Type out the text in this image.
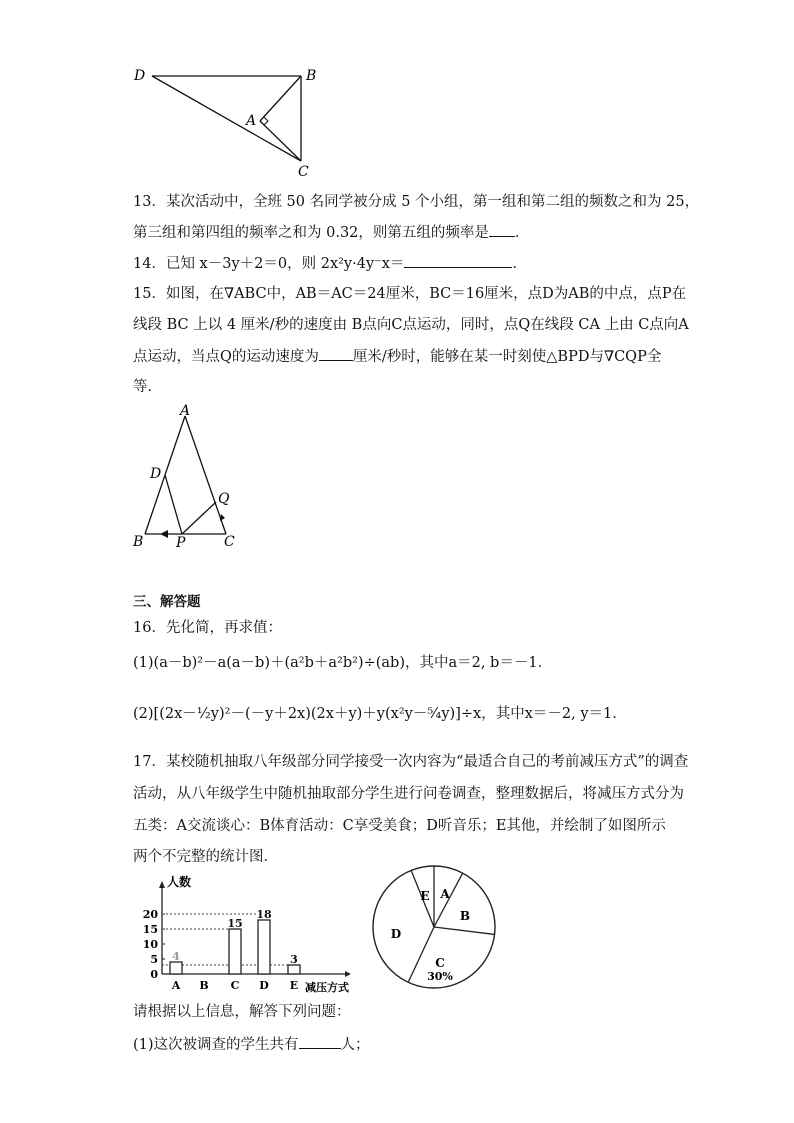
D	B
A
C
13．某次活动中，全班 50 名同学被分成 5 个小组，第一组和第二组的频数之和为 25，
第三组和第四组的频率之和为 0.32，则第五组的频率是 ．
14．已知 x－3y＋2＝0，则 2x²y·4y⁻x＝	．
15．如图，在∇ABC中，AB＝AC＝24厘米，BC＝16厘米，点D为AB的中点，点P在
线段 BC 上以 4 厘米/秒的速度由 B点向C点运动，同时，点Q在线段 CA 上由 C点向A
点运动，当点Q的运动速度为 厘米/秒时，能够在某一时刻使△BPD与∇CQP全
等．
A
D
Q
B P	C
三、解答题
16．先化简，再求值：
(1)(a－b)²－a(a－b)＋(a²b＋a²b²)÷(ab)，其中a＝2, b＝－1．
(2)[(2x－½y)²－(－y＋2x)(2x＋y)＋y(x²y－⁵⁄₄y)]÷x，其中x＝－2, y＝1．
17．某校随机抽取八年级部分同学接受一次内容为“最适合自己的考前减压方式”的调查
活动，从八年级学生中随机抽取部分学生进行问卷调查，整理数据后，将减压方式分为
五类：A交流谈心：B体育活动：C享受美食；D听音乐；E其他，并绘制了如图所示
两个不完整的统计图．
人数
减压方式
0
5
10
15
20
4
A B
15
C
18
D
3
E
E A
B
C
D
30%
请根据以上信息，解答下列问题：
(1)这次被调查的学生共有	人；
